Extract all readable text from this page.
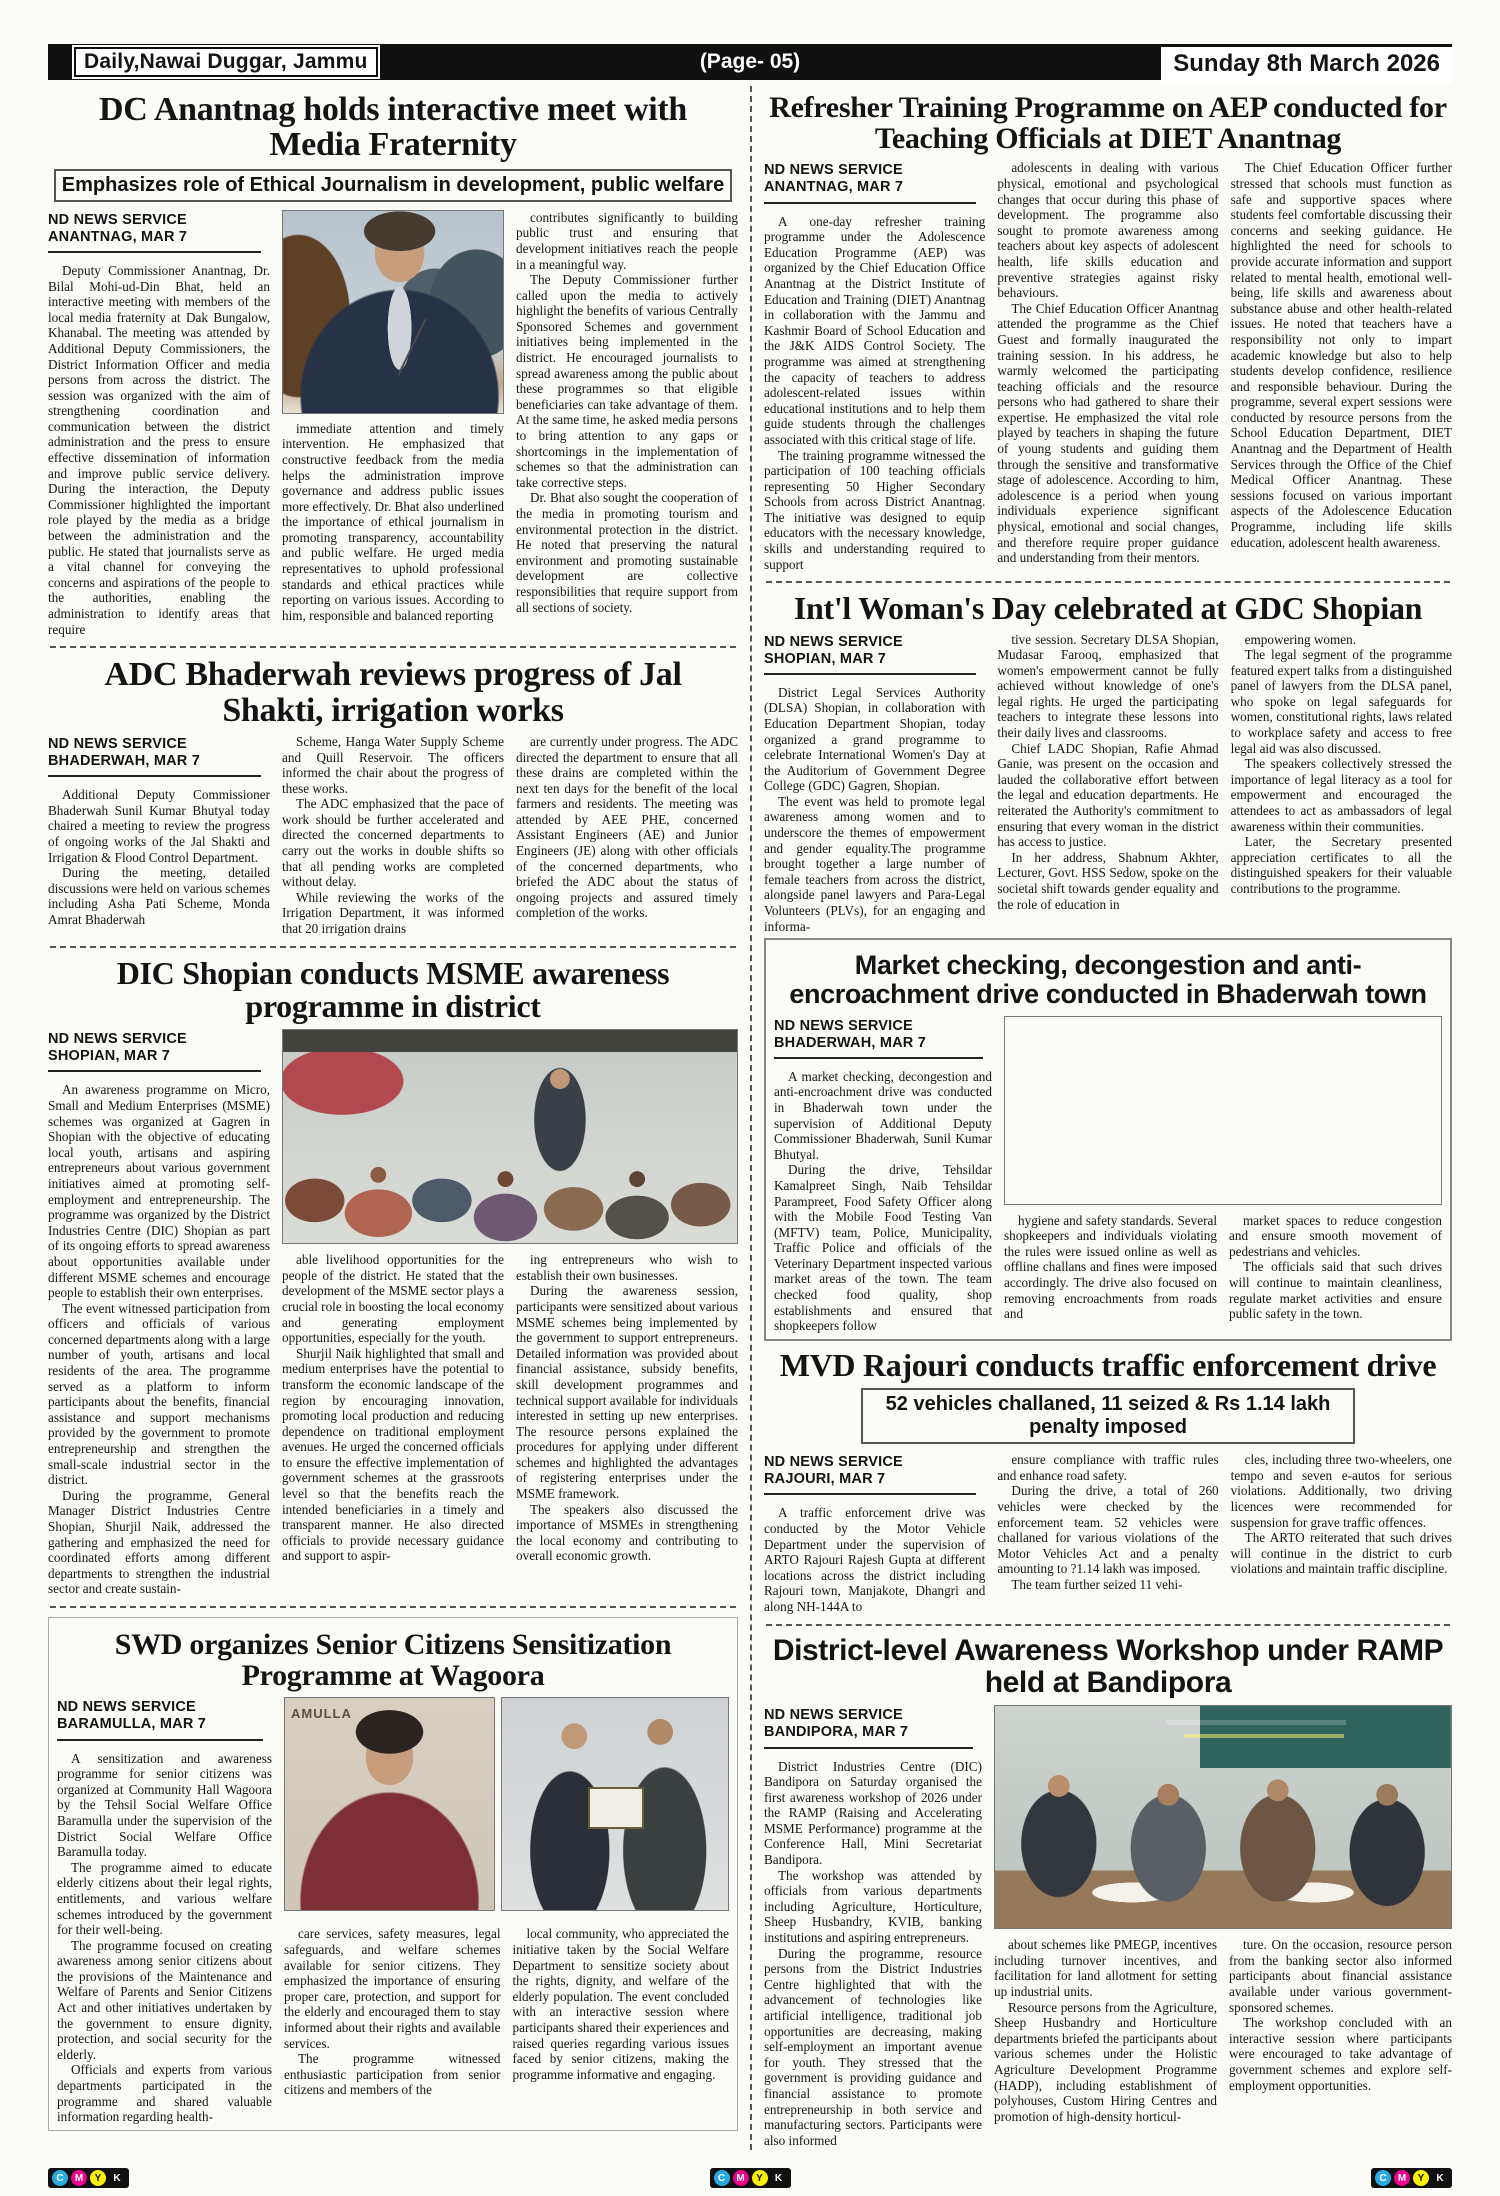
Daily,Nawai Duggar, Jammu	(Page- 05)	Sunday 8th March 2026
DC Anantnag holds interactive meet with Media Fraternity
Emphasizes role of Ethical Journalism in development, public welfare
ND NEWS SERVICE
ANANTNAG, MAR 7

Deputy Commissioner Anantnag, Dr. Bilal Mohi-ud-Din Bhat, held an interactive meeting with members of the local media fraternity at Dak Bungalow, Khanabal. The meeting was attended by Additional Deputy Commissioners, the District Information Officer and media persons from across the district. The session was organized with the aim of strengthening coordination and communication between the district administration and the press to ensure effective dissemination of information and improve public service delivery. During the interaction, the Deputy Commissioner highlighted the important role played by the media as a bridge between the administration and the public. He stated that journalists serve as a vital channel for conveying the concerns and aspirations of the people to the authorities, enabling the administration to identify areas that require

immediate attention and timely intervention. He emphasized that constructive feedback from the media helps the administration improve governance and address public issues more effectively. Dr. Bhat also underlined the importance of ethical journalism in promoting transparency, accountability and public welfare. He urged media representatives to uphold professional standards and ethical practices while reporting on various issues. According to him, responsible and balanced reporting

contributes significantly to building public trust and ensuring that development initiatives reach the people in a meaningful way.

The Deputy Commissioner further called upon the media to actively highlight the benefits of various Centrally Sponsored Schemes and government initiatives being implemented in the district. He encouraged journalists to spread awareness among the public about these programmes so that eligible beneficiaries can take advantage of them. At the same time, he asked media persons to bring attention to any gaps or shortcomings in the implementation of schemes so that the administration can take corrective steps.

Dr. Bhat also sought the cooperation of the media in promoting tourism and environmental protection in the district. He noted that preserving the natural environment and promoting sustainable development are collective responsibilities that require support from all sections of society.

ADC Bhaderwah reviews progress of Jal Shakti, irrigation works
ND NEWS SERVICE
BHADERWAH, MAR 7

Additional Deputy Commissioner Bhaderwah Sunil Kumar Bhutyal today chaired a meeting to review the progress of ongoing works of the Jal Shakti and Irrigation & Flood Control Department.

During the meeting, detailed discussions were held on various schemes including Asha Pati Scheme, Monda Amrat Bhaderwah

Scheme, Hanga Water Supply Scheme and Quill Reservoir. The officers informed the chair about the progress of these works.

The ADC emphasized that the pace of work should be further accelerated and directed the concerned departments to carry out the works in double shifts so that all pending works are completed without delay.

While reviewing the works of the Irrigation Department, it was informed that 20 irrigation drains

are currently under progress. The ADC directed the department to ensure that all these drains are completed within the next ten days for the benefit of the local farmers and residents. The meeting was attended by AEE PHE, concerned Assistant Engineers (AE) and Junior Engineers (JE) along with other officials of the concerned departments, who briefed the ADC about the status of ongoing projects and assured timely completion of the works.

DIC Shopian conducts MSME awareness programme in district
ND NEWS SERVICE
SHOPIAN, MAR 7

An awareness programme on Micro, Small and Medium Enterprises (MSME) schemes was organized at Gagren in Shopian with the objective of educating local youth, artisans and aspiring entrepreneurs about various government initiatives aimed at promoting self-employment and entrepreneurship. The programme was organized by the District Industries Centre (DIC) Shopian as part of its ongoing efforts to spread awareness about opportunities available under different MSME schemes and encourage people to establish their own enterprises.

The event witnessed participation from officers and officials of various concerned departments along with a large number of youth, artisans and local residents of the area. The programme served as a platform to inform participants about the benefits, financial assistance and support mechanisms provided by the government to promote entrepreneurship and strengthen the small-scale industrial sector in the district.

During the programme, General Manager District Industries Centre Shopian, Shurjil Naik, addressed the gathering and emphasized the need for coordinated efforts among different departments to strengthen the industrial sector and create sustain-

able livelihood opportunities for the people of the district. He stated that the development of the MSME sector plays a crucial role in boosting the local economy and generating employment opportunities, especially for the youth.

Shurjil Naik highlighted that small and medium enterprises have the potential to transform the economic landscape of the region by encouraging innovation, promoting local production and reducing dependence on traditional employment avenues. He urged the concerned officials to ensure the effective implementation of government schemes at the grassroots level so that the benefits reach the intended beneficiaries in a timely and transparent manner. He also directed officials to provide necessary guidance and support to aspir-

ing entrepreneurs who wish to establish their own businesses.

During the awareness session, participants were sensitized about various MSME schemes being implemented by the government to support entrepreneurs. Detailed information was provided about financial assistance, subsidy benefits, skill development programmes and technical support available for individuals interested in setting up new enterprises. The resource persons explained the procedures for applying under different schemes and highlighted the advantages of registering enterprises under the MSME framework.

The speakers also discussed the importance of MSMEs in strengthening the local economy and contributing to overall economic growth.

SWD organizes Senior Citizens Sensitization Programme at Wagoora
ND NEWS SERVICE
BARAMULLA, MAR 7

A sensitization and awareness programme for senior citizens was organized at Community Hall Wagoora by the Tehsil Social Welfare Office Baramulla under the supervision of the District Social Welfare Office Baramulla today.

The programme aimed to educate elderly citizens about their legal rights, entitlements, and various welfare schemes introduced by the government for their well-being.

The programme focused on creating awareness among senior citizens about the provisions of the Maintenance and Welfare of Parents and Senior Citizens Act and other initiatives undertaken by the government to ensure dignity, protection, and social security for the elderly.

Officials and experts from various departments participated in the programme and shared valuable information regarding health-

AMULLA

care services, safety measures, legal safeguards, and welfare schemes available for senior citizens. They emphasized the importance of ensuring proper care, protection, and support for the elderly and encouraged them to stay informed about their rights and available services.

The programme witnessed enthusiastic participation from senior citizens and members of the

local community, who appreciated the initiative taken by the Social Welfare Department to sensitize society about the rights, dignity, and welfare of the elderly population. The event concluded with an interactive session where participants shared their experiences and raised queries regarding various issues faced by senior citizens, making the programme informative and engaging.

Refresher Training Programme on AEP conducted for Teaching Officials at DIET Anantnag
ND NEWS SERVICE
ANANTNAG, MAR 7

A one-day refresher training programme under the Adolescence Education Programme (AEP) was organized by the Chief Education Office Anantnag at the District Institute of Education and Training (DIET) Anantnag in collaboration with the Jammu and Kashmir Board of School Education and the J&K AIDS Control Society. The programme was aimed at strengthening the capacity of teachers to address adolescent-related issues within educational institutions and to help them guide students through the challenges associated with this critical stage of life.

The training programme witnessed the participation of 100 teaching officials representing 50 Higher Secondary Schools from across District Anantnag. The initiative was designed to equip educators with the necessary knowledge, skills and understanding required to support

adolescents in dealing with various physical, emotional and psychological changes that occur during this phase of development. The programme also sought to promote awareness among teachers about key aspects of adolescent health, life skills education and preventive strategies against risky behaviours.

The Chief Education Officer Anantnag attended the programme as the Chief Guest and formally inaugurated the training session. In his address, he warmly welcomed the participating teaching officials and the resource persons who had gathered to share their expertise. He emphasized the vital role played by teachers in shaping the future of young students and guiding them through the sensitive and transformative stage of adolescence. According to him, adolescence is a period when young individuals experience significant physical, emotional and social changes, and therefore require proper guidance and understanding from their mentors.

The Chief Education Officer further stressed that schools must function as safe and supportive spaces where students feel comfortable discussing their concerns and seeking guidance. He highlighted the need for schools to provide accurate information and support related to mental health, emotional well-being, life skills and awareness about substance abuse and other health-related issues. He noted that teachers have a responsibility not only to impart academic knowledge but also to help students develop confidence, resilience and responsible behaviour. During the programme, several expert sessions were conducted by resource persons from the School Education Department, DIET Anantnag and the Department of Health Services through the Office of the Chief Medical Officer Anantnag. These sessions focused on various important aspects of the Adolescence Education Programme, including life skills education, adolescent health awareness.

Int'l Woman's Day celebrated at GDC Shopian
ND NEWS SERVICE
SHOPIAN, MAR 7

District Legal Services Authority (DLSA) Shopian, in collaboration with Education Department Shopian, today organized a grand programme to celebrate International Women's Day at the Auditorium of Government Degree College (GDC) Gagren, Shopian.

The event was held to promote legal awareness among women and to underscore the themes of empowerment and gender equality.The programme brought together a large number of female teachers from across the district, alongside panel lawyers and Para-Legal Volunteers (PLVs), for an engaging and informa-

tive session. Secretary DLSA Shopian, Mudasar Farooq, emphasized that women's empowerment cannot be fully achieved without knowledge of one's legal rights. He urged the participating teachers to integrate these lessons into their daily lives and classrooms.

Chief LADC Shopian, Rafie Ahmad Ganie, was present on the occasion and lauded the collaborative effort between the legal and education departments. He reiterated the Authority's commitment to ensuring that every woman in the district has access to justice.

In her address, Shabnum Akhter, Lecturer, Govt. HSS Sedow, spoke on the societal shift towards gender equality and the role of education in

empowering women.

The legal segment of the programme featured expert talks from a distinguished panel of lawyers from the DLSA panel, who spoke on legal safeguards for women, constitutional rights, laws related to workplace safety and access to free legal aid was also discussed.

The speakers collectively stressed the importance of legal literacy as a tool for empowerment and encouraged the attendees to act as ambassadors of legal awareness within their communities.

Later, the Secretary presented appreciation certificates to all the distinguished speakers for their valuable contributions to the programme.

Market checking, decongestion and anti-encroachment drive conducted in Bhaderwah town
ND NEWS SERVICE
BHADERWAH, MAR 7

A market checking, decongestion and anti-encroachment drive was conducted in Bhaderwah town under the supervision of Additional Deputy Commissioner Bhaderwah, Sunil Kumar Bhutyal.

During the drive, Tehsildar Kamalpreet Singh, Naib Tehsildar Parampreet, Food Safety Officer along with the Mobile Food Testing Van (MFTV) team, Police, Municipality, Traffic Police and officials of the Veterinary Department inspected various market areas of the town. The team checked food quality, shop establishments and ensured that shopkeepers follow

hygiene and safety standards. Several shopkeepers and individuals violating the rules were issued online as well as offline challans and fines were imposed accordingly. The drive also focused on removing encroachments from roads and

market spaces to reduce congestion and ensure smooth movement of pedestrians and vehicles.

The officials said that such drives will continue to maintain cleanliness, regulate market activities and ensure public safety in the town.

MVD Rajouri conducts traffic enforcement drive
52 vehicles challaned, 11 seized & Rs 1.14 lakh penalty imposed
ND NEWS SERVICE
RAJOURI, MAR 7

A traffic enforcement drive was conducted by the Motor Vehicle Department under the supervision of ARTO Rajouri Rajesh Gupta at different locations across the district including Rajouri town, Manjakote, Dhangri and along NH-144A to

ensure compliance with traffic rules and enhance road safety.

During the drive, a total of 260 vehicles were checked by the enforcement team. 52 vehicles were challaned for various violations of the Motor Vehicles Act and a penalty amounting to ?1.14 lakh was imposed.

The team further seized 11 vehi-

cles, including three two-wheelers, one tempo and seven e-autos for serious violations. Additionally, two driving licences were recommended for suspension for grave traffic offences.

The ARTO reiterated that such drives will continue in the district to curb violations and maintain traffic discipline.

District-level Awareness Workshop under RAMP held at Bandipora
ND NEWS SERVICE
BANDIPORA, MAR 7

District Industries Centre (DIC) Bandipora on Saturday organised the first awareness workshop of 2026 under the RAMP (Raising and Accelerating MSME Performance) programme at the Conference Hall, Mini Secretariat Bandipora.

The workshop was attended by officials from various departments including Agriculture, Horticulture, Sheep Husbandry, KVIB, banking institutions and aspiring entrepreneurs.

During the programme, resource persons from the District Industries Centre highlighted that with the advancement of technologies like artificial intelligence, traditional job opportunities are decreasing, making self-employment an important avenue for youth. They stressed that the government is providing guidance and financial assistance to promote entrepreneurship in both service and manufacturing sectors. Participants were also informed

about schemes like PMEGP, incentives including turnover incentives, and facilitation for land allotment for setting up industrial units.

Resource persons from the Agriculture, Sheep Husbandry and Horticulture departments briefed the participants about various schemes under the Holistic Agriculture Development Programme (HADP), including establishment of polyhouses, Custom Hiring Centres and promotion of high-density horticul-

ture. On the occasion, resource person from the banking sector also informed participants about financial assistance available under various government-sponsored schemes.

The workshop concluded with an interactive session where participants were encouraged to take advantage of government schemes and explore self-employment opportunities.

C	M	Y	K	C	M	Y	K	C	M	Y	K
